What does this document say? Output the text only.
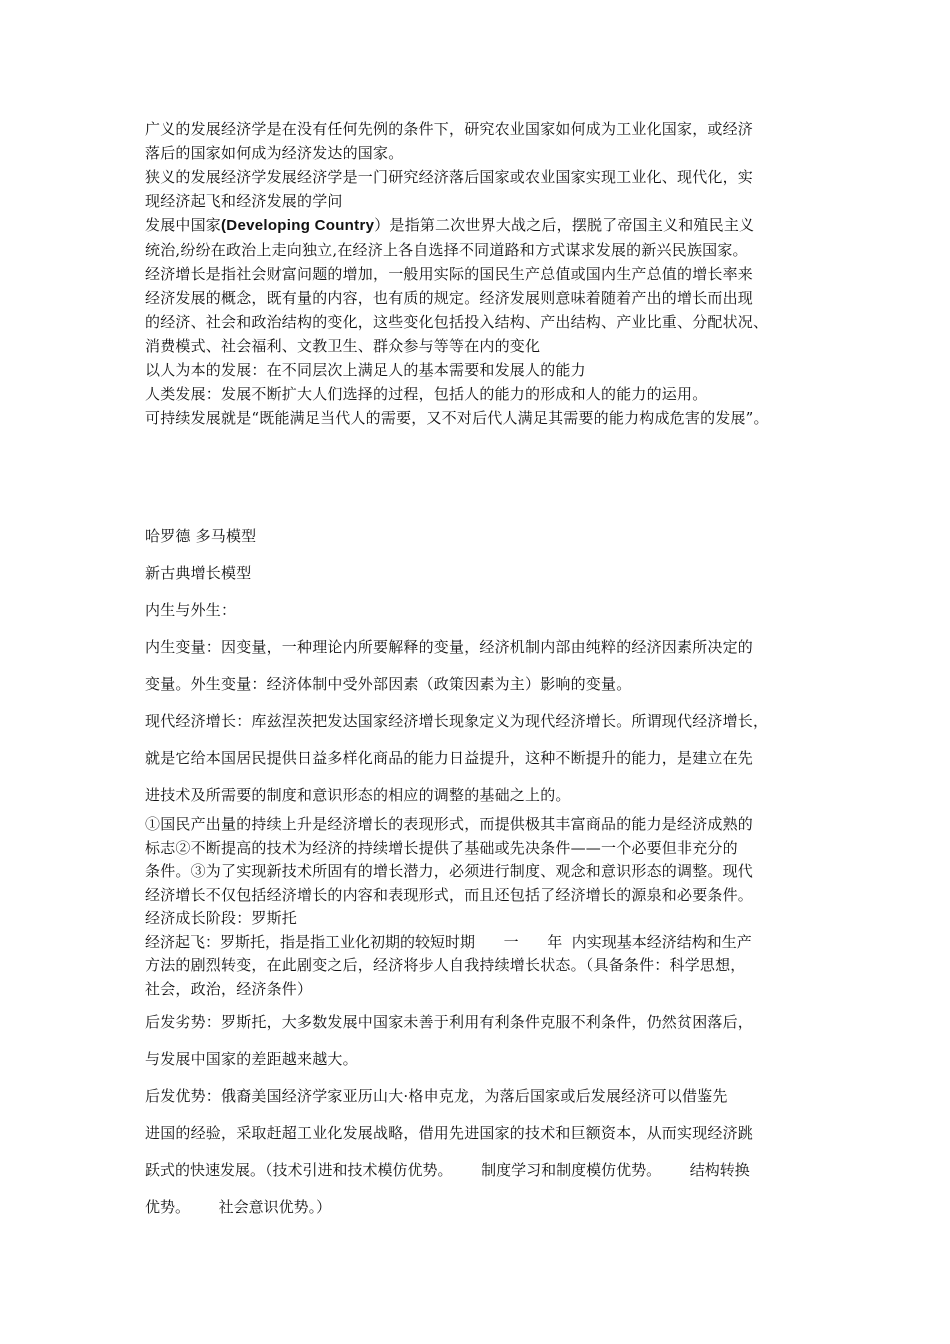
广义的发展经济学是在没有任何先例的条件下，研究农业国家如何成为工业化国家，或经济

落后的国家如何成为经济发达的国家。

狭义的发展经济学发展经济学是一门研究经济落后国家或农业国家实现工业化、现代化，实

现经济起飞和经济发展的学问

发展中国家(Developing Country）是指第二次世界大战之后，摆脱了帝国主义和殖民主义

统治,纷纷在政治上走向独立,在经济上各自选择不同道路和方式谋求发展的新兴民族国家。

经济增长是指社会财富问题的增加，一般用实际的国民生产总值或国内生产总值的增长率来

经济发展的概念，既有量的内容，也有质的规定。经济发展则意味着随着产出的增长而出现

的经济、社会和政治结构的变化，这些变化包括投入结构、产出结构、产业比重、分配状况、

消费模式、社会福利、文教卫生、群众参与等等在内的变化

以人为本的发展：在不同层次上满足人的基本需要和发展人的能力

人类发展：发展不断扩大人们选择的过程，包括人的能力的形成和人的能力的运用。

可持续发展就是“既能满足当代人的需要，又不对后代人满足其需要的能力构成危害的发展”。

哈罗德 多马模型

新古典增长模型

内生与外生：

内生变量：因变量，一种理论内所要解释的变量，经济机制内部由纯粹的经济因素所决定的

变量。外生变量：经济体制中受外部因素（政策因素为主）影响的变量。

现代经济增长：库兹涅茨把发达国家经济增长现象定义为现代经济增长。所谓现代经济增长，

就是它给本国居民提供日益多样化商品的能力日益提升，这种不断提升的能力，是建立在先

进技术及所需要的制度和意识形态的相应的调整的基础之上的。

①国民产出量的持续上升是经济增长的表现形式，而提供极其丰富商品的能力是经济成熟的

标志②不断提高的技术为经济的持续增长提供了基础或先决条件——一个必要但非充分的

条件。③为了实现新技术所固有的增长潜力，必须进行制度、观念和意识形态的调整。现代

经济增长不仅包括经济增长的内容和表现形式，而且还包括了经济增长的源泉和必要条件。

经济成长阶段：罗斯托

经济起飞：罗斯托，指是指工业化初期的较短时期      一      年  内实现基本经济结构和生产

方法的剧烈转变，在此剧变之后，经济将步人自我持续增长状态。（具备条件：科学思想，

社会，政治，经济条件）

后发劣势：罗斯托，大多数发展中国家未善于利用有利条件克服不利条件，仍然贫困落后，

与发展中国家的差距越来越大。

后发优势：俄裔美国经济学家亚历山大·格申克龙，为落后国家或后发展经济可以借鉴先

进国的经验，采取赶超工业化发展战略，借用先进国家的技术和巨额资本，从而实现经济跳

跃式的快速发展。（技术引进和技术模仿优势。      制度学习和制度模仿优势。      结构转换

优势。      社会意识优势。）
